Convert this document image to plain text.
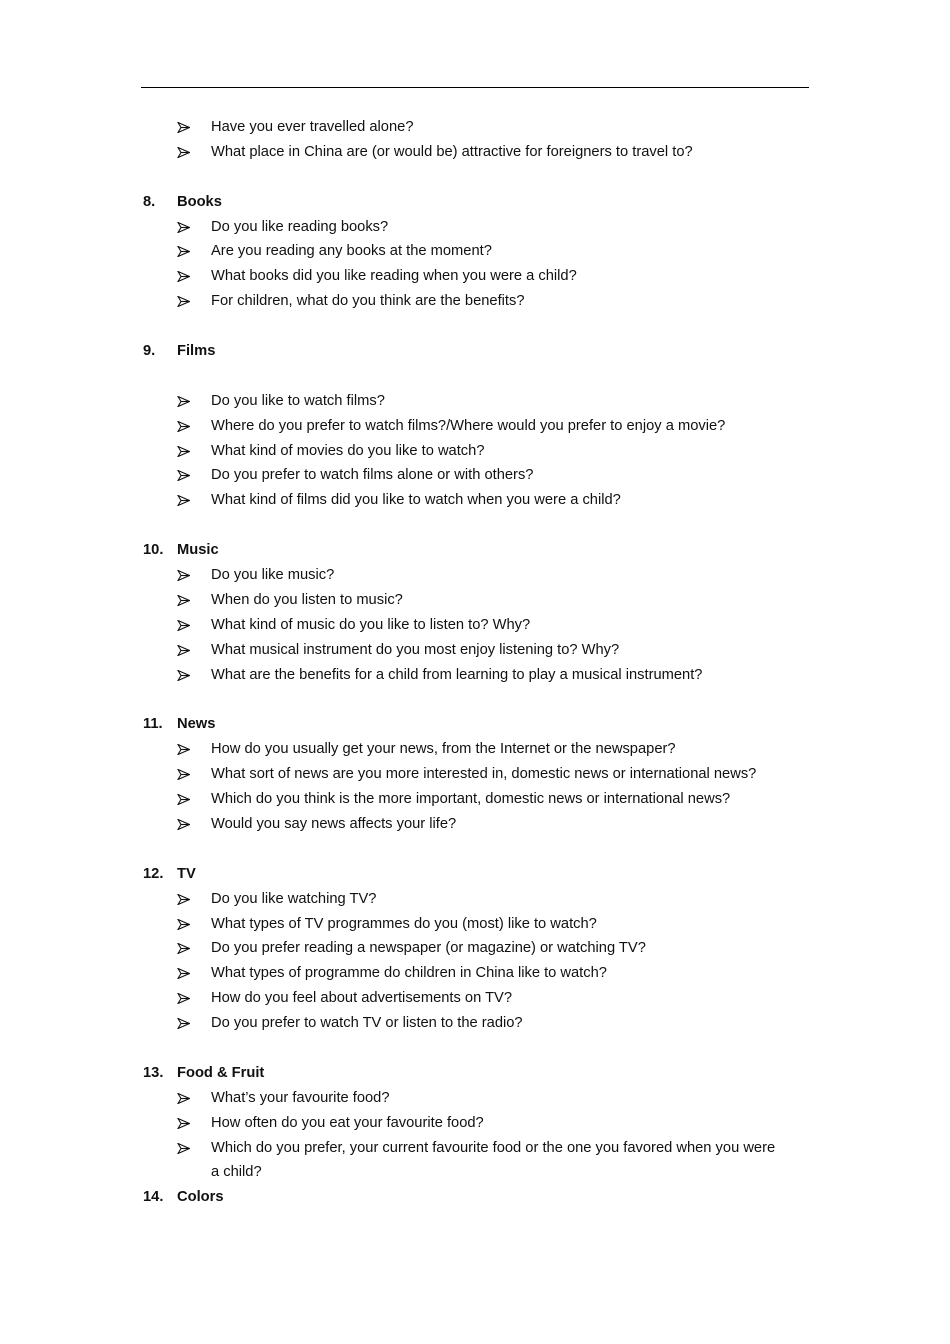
Have you ever travelled alone?
What place in China are (or would be) attractive for foreigners to travel to?
8. Books
Do you like reading books?
Are you reading any books at the moment?
What books did you like reading when you were a child?
For children, what do you think are the benefits?
9. Films
Do you like to watch films?
Where do you prefer to watch films?/Where would you prefer to enjoy a movie?
What kind of movies do you like to watch?
Do you prefer to watch films alone or with others?
What kind of films did you like to watch when you were a child?
10. Music
Do you like music?
When do you listen to music?
What kind of music do you like to listen to? Why?
What musical instrument do you most enjoy listening to? Why?
What are the benefits for a child from learning to play a musical instrument?
11. News
How do you usually get your news, from the Internet or the newspaper?
What sort of news are you more interested in, domestic news or international news?
Which do you think is the more important, domestic news or international news?
Would you say news affects your life?
12. TV
Do you like watching TV?
What types of TV programmes do you (most) like to watch?
Do you prefer reading a newspaper (or magazine) or watching TV?
What types of programme do children in China like to watch?
How do you feel about advertisements on TV?
Do you prefer to watch TV or listen to the radio?
13. Food & Fruit
What’s your favourite food?
How often do you eat your favourite food?
Which do you prefer, your current favourite food or the one you favored when you were
a child?
14. Colors
